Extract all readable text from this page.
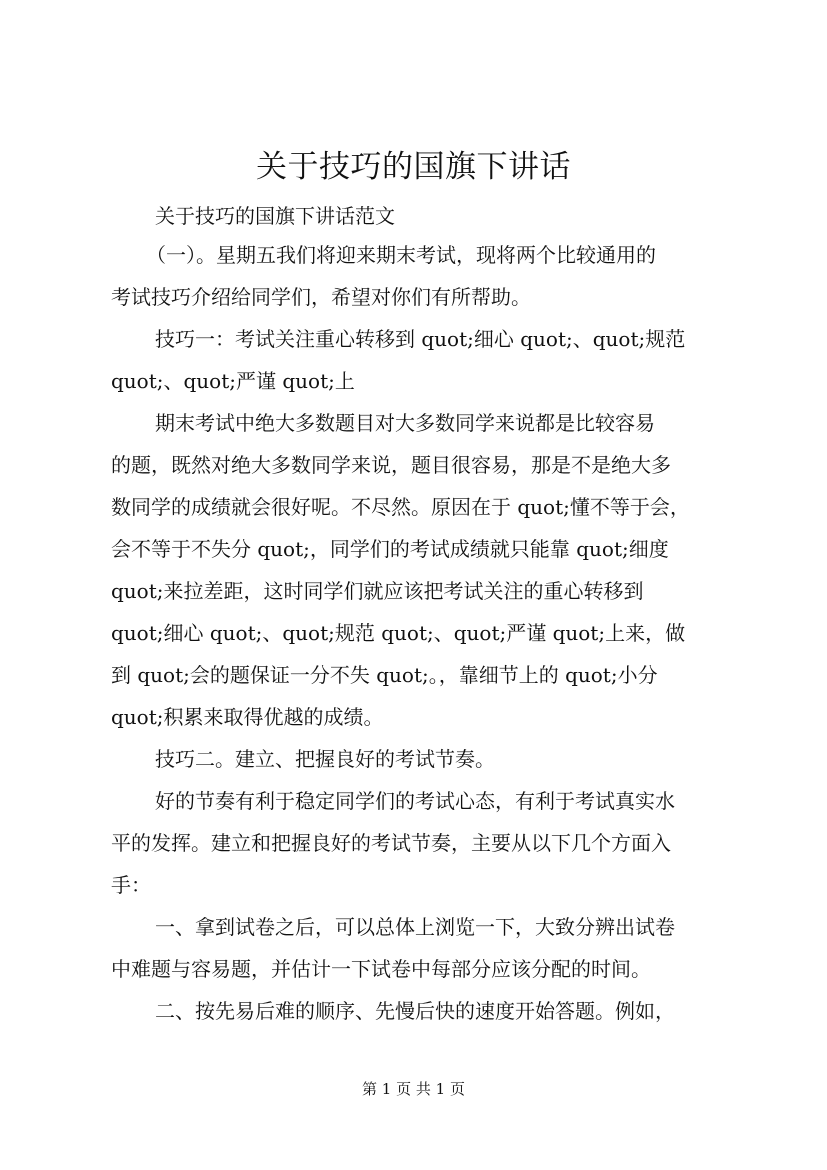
关于技巧的国旗下讲话
关于技巧的国旗下讲话范文
（一）。星期五我们将迎来期末考试，现将两个比较通用的
考试技巧介绍给同学们，希望对你们有所帮助。
技巧一：考试关注重心转移到 quot;细心 quot;、quot;规范
quot;、quot;严谨 quot;上
期末考试中绝大多数题目对大多数同学来说都是比较容易
的题，既然对绝大多数同学来说，题目很容易，那是不是绝大多
数同学的成绩就会很好呢。不尽然。原因在于 quot;懂不等于会，
会不等于不失分 quot;，同学们的考试成绩就只能靠 quot;细度
quot;来拉差距，这时同学们就应该把考试关注的重心转移到
quot;细心 quot;、quot;规范 quot;、quot;严谨 quot;上来，做
到 quot;会的题保证一分不失 quot;。，靠细节上的 quot;小分
quot;积累来取得优越的成绩。
技巧二。建立、把握良好的考试节奏。
好的节奏有利于稳定同学们的考试心态，有利于考试真实水
平的发挥。建立和把握良好的考试节奏，主要从以下几个方面入
手：
一、拿到试卷之后，可以总体上浏览一下，大致分辨出试卷
中难题与容易题，并估计一下试卷中每部分应该分配的时间。
二、按先易后难的顺序、先慢后快的速度开始答题。例如，
第 1 页 共 1 页
